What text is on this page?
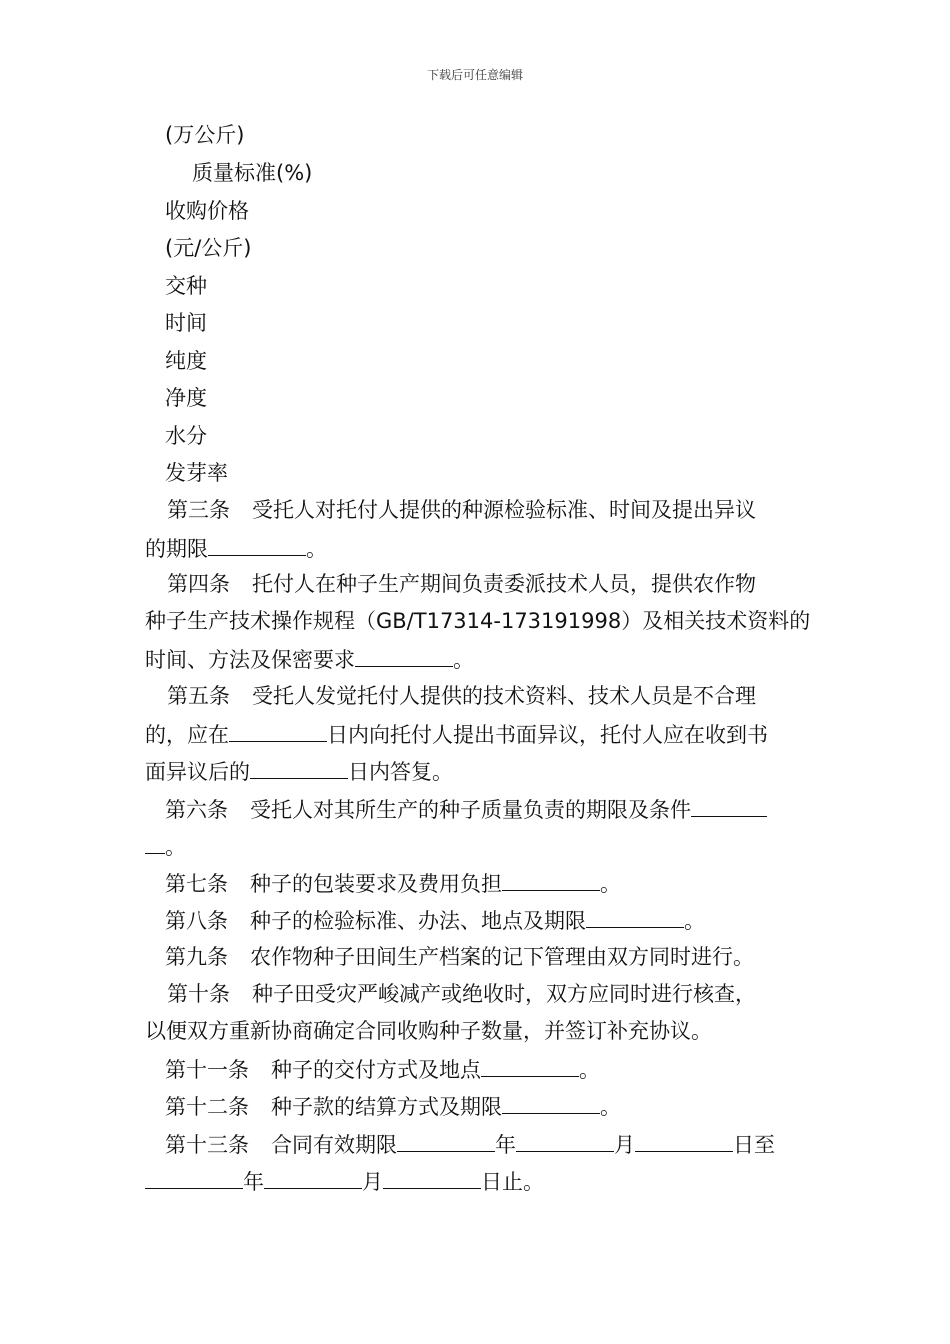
下载后可任意编辑
(万公斤)
质量标准(%)
收购价格
(元/公斤)
交种
时间
纯度
净度
水分
发芽率
第三条 受托人对托付人提供的种源检验标准、时间及提出异议
的期限	。
第四条 托付人在种子生产期间负责委派技术人员，提供农作物
种子生产技术操作规程（GB/T17314-173191998）及相关技术资料的
时间、方法及保密要求	。
第五条 受托人发觉托付人提供的技术资料、技术人员是不合理
的，应在	日内向托付人提出书面异议，托付人应在收到书
面异议后的	日内答复。
第六条 受托人对其所生产的种子质量负责的期限及条件
。
第七条 种子的包装要求及费用负担	。
第八条 种子的检验标准、办法、地点及期限	。
第九条 农作物种子田间生产档案的记下管理由双方同时进行。
第十条 种子田受灾严峻减产或绝收时，双方应同时进行核查，
以便双方重新协商确定合同收购种子数量，并签订补充协议。
第十一条 种子的交付方式及地点	。
第十二条 种子款的结算方式及期限	。
第十三条 合同有效期限	年	月	日至
年	月	日止。
